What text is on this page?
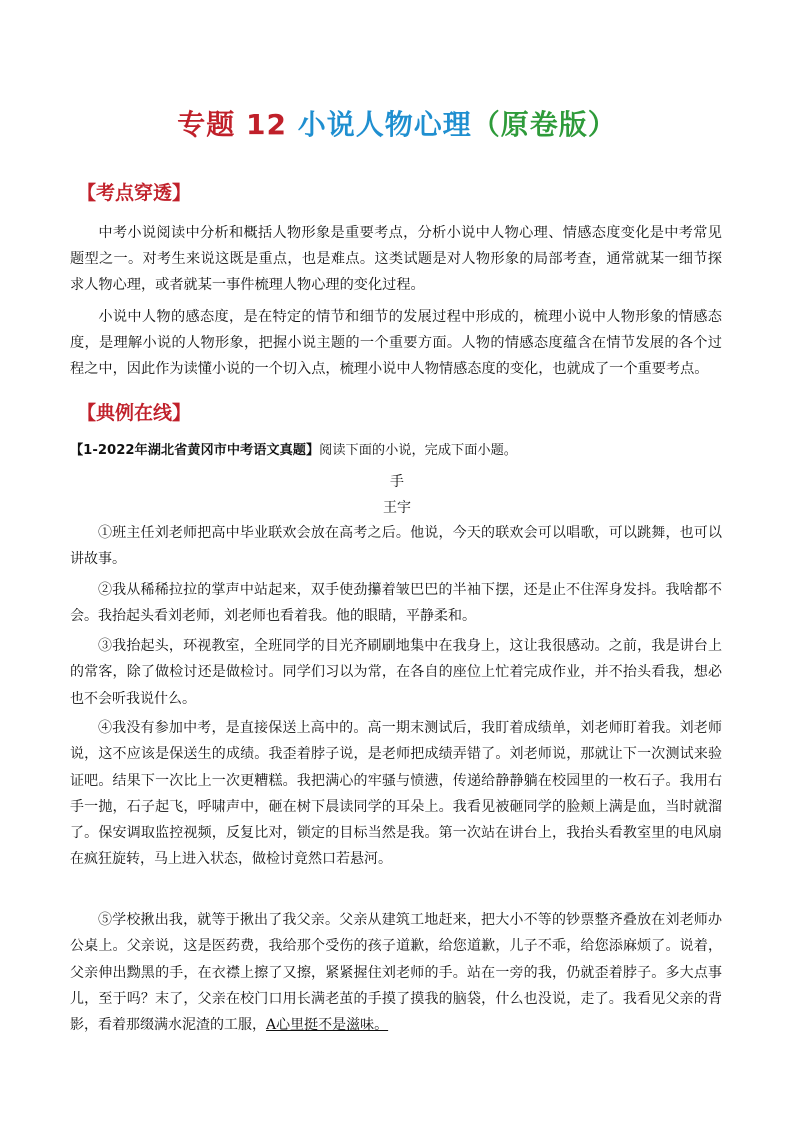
专题 12 小说人物心理（原卷版）
【考点穿透】

中考小说阅读中分析和概括人物形象是重要考点，分析小说中人物心理、情感态度变化是中考常见题型之一。对考生来说这既是重点，也是难点。这类试题是对人物形象的局部考查，通常就某一细节探求人物心理，或者就某一事件梳理人物心理的变化过程。

小说中人物的感态度，是在特定的情节和细节的发展过程中形成的，梳理小说中人物形象的情感态度，是理解小说的人物形象，把握小说主题的一个重要方面。人物的情感态度蕴含在情节发展的各个过程之中，因此作为读懂小说的一个切入点，梳理小说中人物情感态度的变化，也就成了一个重要考点。

【典例在线】
【1-2022年湖北省黄冈市中考语文真题】阅读下面的小说，完成下面小题。
手
王宇

①班主任刘老师把高中毕业联欢会放在高考之后。他说，今天的联欢会可以唱歌，可以跳舞，也可以讲故事。

②我从稀稀拉拉的掌声中站起来，双手使劲攥着皱巴巴的半袖下摆，还是止不住浑身发抖。我啥都不会。我抬起头看刘老师，刘老师也看着我。他的眼睛，平静柔和。

③我抬起头，环视教室，全班同学的目光齐刷刷地集中在我身上，这让我很感动。之前，我是讲台上的常客，除了做检讨还是做检讨。同学们习以为常，在各自的座位上忙着完成作业，并不抬头看我，想必也不会听我说什么。

④我没有参加中考，是直接保送上高中的。高一期末测试后，我盯着成绩单，刘老师盯着我。刘老师说，这不应该是保送生的成绩。我歪着脖子说，是老师把成绩弄错了。刘老师说，那就让下一次测试来验证吧。结果下一次比上一次更糟糕。我把满心的牢骚与愤懑，传递给静静躺在校园里的一枚石子。我用右手一抛，石子起飞，呼啸声中，砸在树下晨读同学的耳朵上。我看见被砸同学的脸颊上满是血，当时就溜了。保安调取监控视频，反复比对，锁定的目标当然是我。第一次站在讲台上，我抬头看教室里的电风扇在疯狂旋转，马上进入状态，做检讨竟然口若悬河。

⑤学校揪出我，就等于揪出了我父亲。父亲从建筑工地赶来，把大小不等的钞票整齐叠放在刘老师办公桌上。父亲说，这是医药费，我给那个受伤的孩子道歉，给您道歉，儿子不乖，给您添麻烦了。说着，父亲伸出黝黑的手，在衣襟上擦了又擦，紧紧握住刘老师的手。站在一旁的我，仍就歪着脖子。多大点事儿，至于吗？末了，父亲在校门口用长满老茧的手摸了摸我的脑袋，什么也没说，走了。我看见父亲的背影，看着那缀满水泥渣的工服，A心里挺不是滋味。
